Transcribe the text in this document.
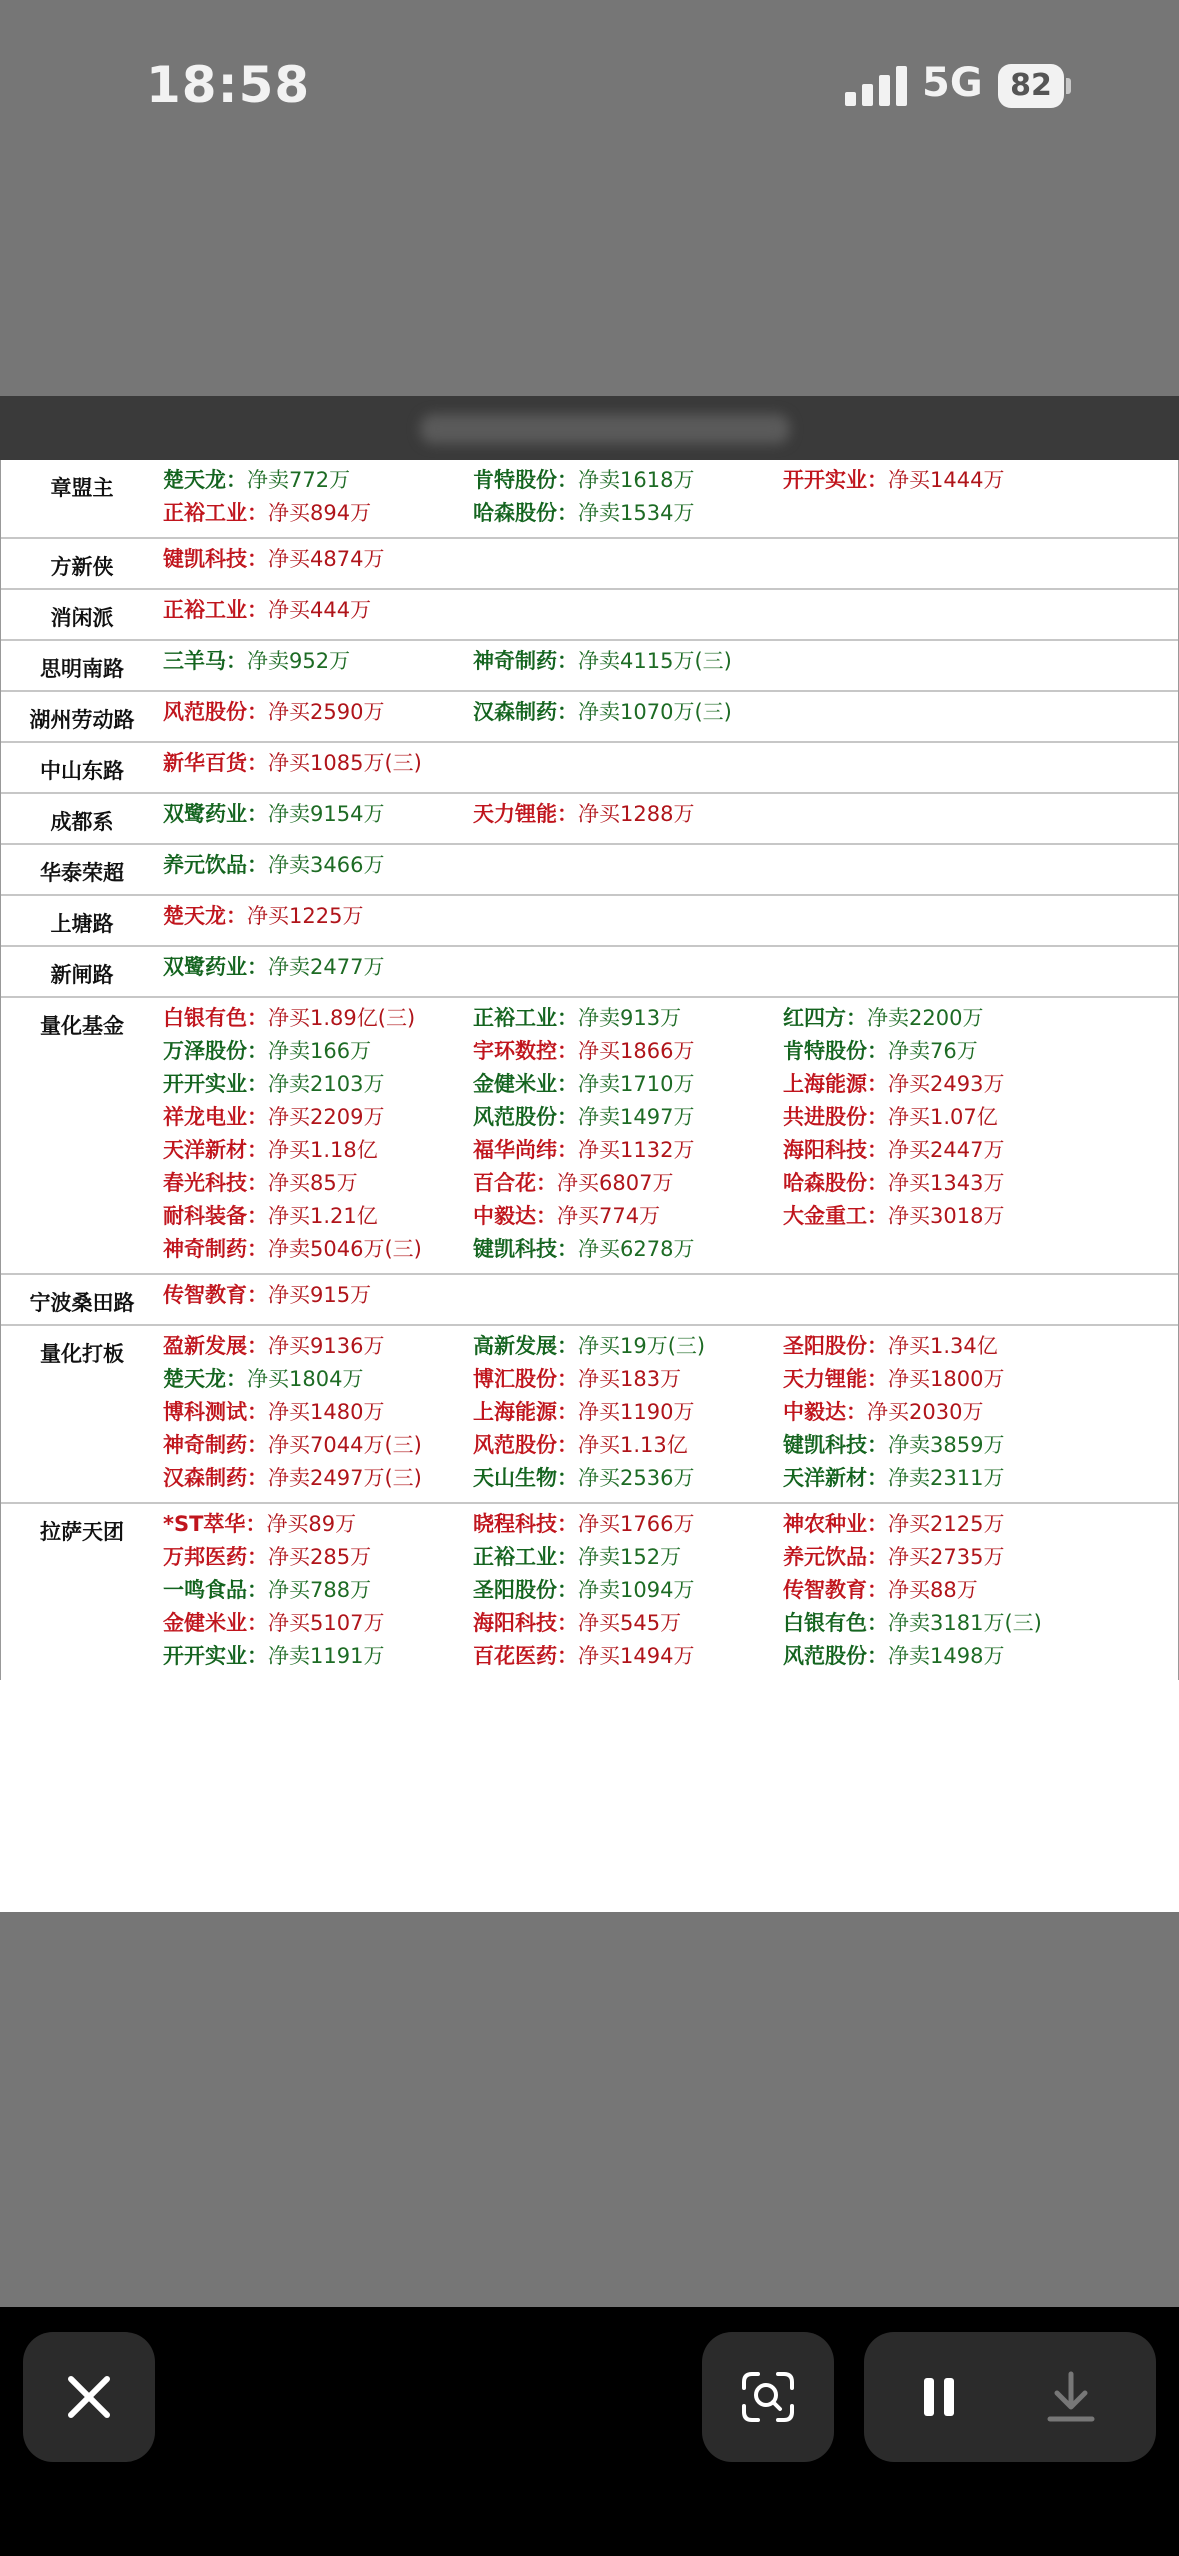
18:58	5G 82
章盟主	楚天龙：净卖772万	肯特股份：净卖1618万	开开实业：净买1444万
正裕工业：净买894万	哈森股份：净卖1534万
方新侠	键凯科技：净买4874万
消闲派	正裕工业：净买444万
思明南路	三羊马：净卖952万	神奇制药：净卖4115万(三)
湖州劳动路	风范股份：净买2590万	汉森制药：净卖1070万(三)
中山东路	新华百货：净买1085万(三)
成都系	双鹭药业：净卖9154万	天力锂能：净买1288万
华泰荣超	养元饮品：净卖3466万
上塘路	楚天龙：净买1225万
新闸路	双鹭药业：净卖2477万
量化基金	白银有色：净买1.89亿(三)	正裕工业：净卖913万	红四方：净卖2200万
万泽股份：净卖166万	宇环数控：净买1866万	肯特股份：净卖76万
开开实业：净卖2103万	金健米业：净卖1710万	上海能源：净买2493万
祥龙电业：净买2209万	风范股份：净卖1497万	共进股份：净买1.07亿
天洋新材：净买1.18亿	福华尚纬：净买1132万	海阳科技：净买2447万
春光科技：净买85万	百合花：净买6807万	哈森股份：净买1343万
耐科装备：净买1.21亿	中毅达：净买774万	大金重工：净买3018万
神奇制药：净卖5046万(三)	键凯科技：净买6278万
宁波桑田路	传智教育：净买915万
量化打板	盈新发展：净买9136万	高新发展：净买19万(三)	圣阳股份：净买1.34亿
楚天龙：净买1804万	博汇股份：净买183万	天力锂能：净买1800万
博科测试：净买1480万	上海能源：净买1190万	中毅达：净买2030万
神奇制药：净买7044万(三)	风范股份：净买1.13亿	键凯科技：净卖3859万
汉森制药：净卖2497万(三)	天山生物：净买2536万	天洋新材：净卖2311万
拉萨天团	*ST萃华：净买89万	晓程科技：净买1766万	神农种业：净买2125万
万邦医药：净买285万	正裕工业：净卖152万	养元饮品：净买2735万
一鸣食品：净买788万	圣阳股份：净卖1094万	传智教育：净买88万
金健米业：净买5107万	海阳科技：净买545万	白银有色：净卖3181万(三)
开开实业：净卖1191万	百花医药：净买1494万	风范股份：净卖1498万
